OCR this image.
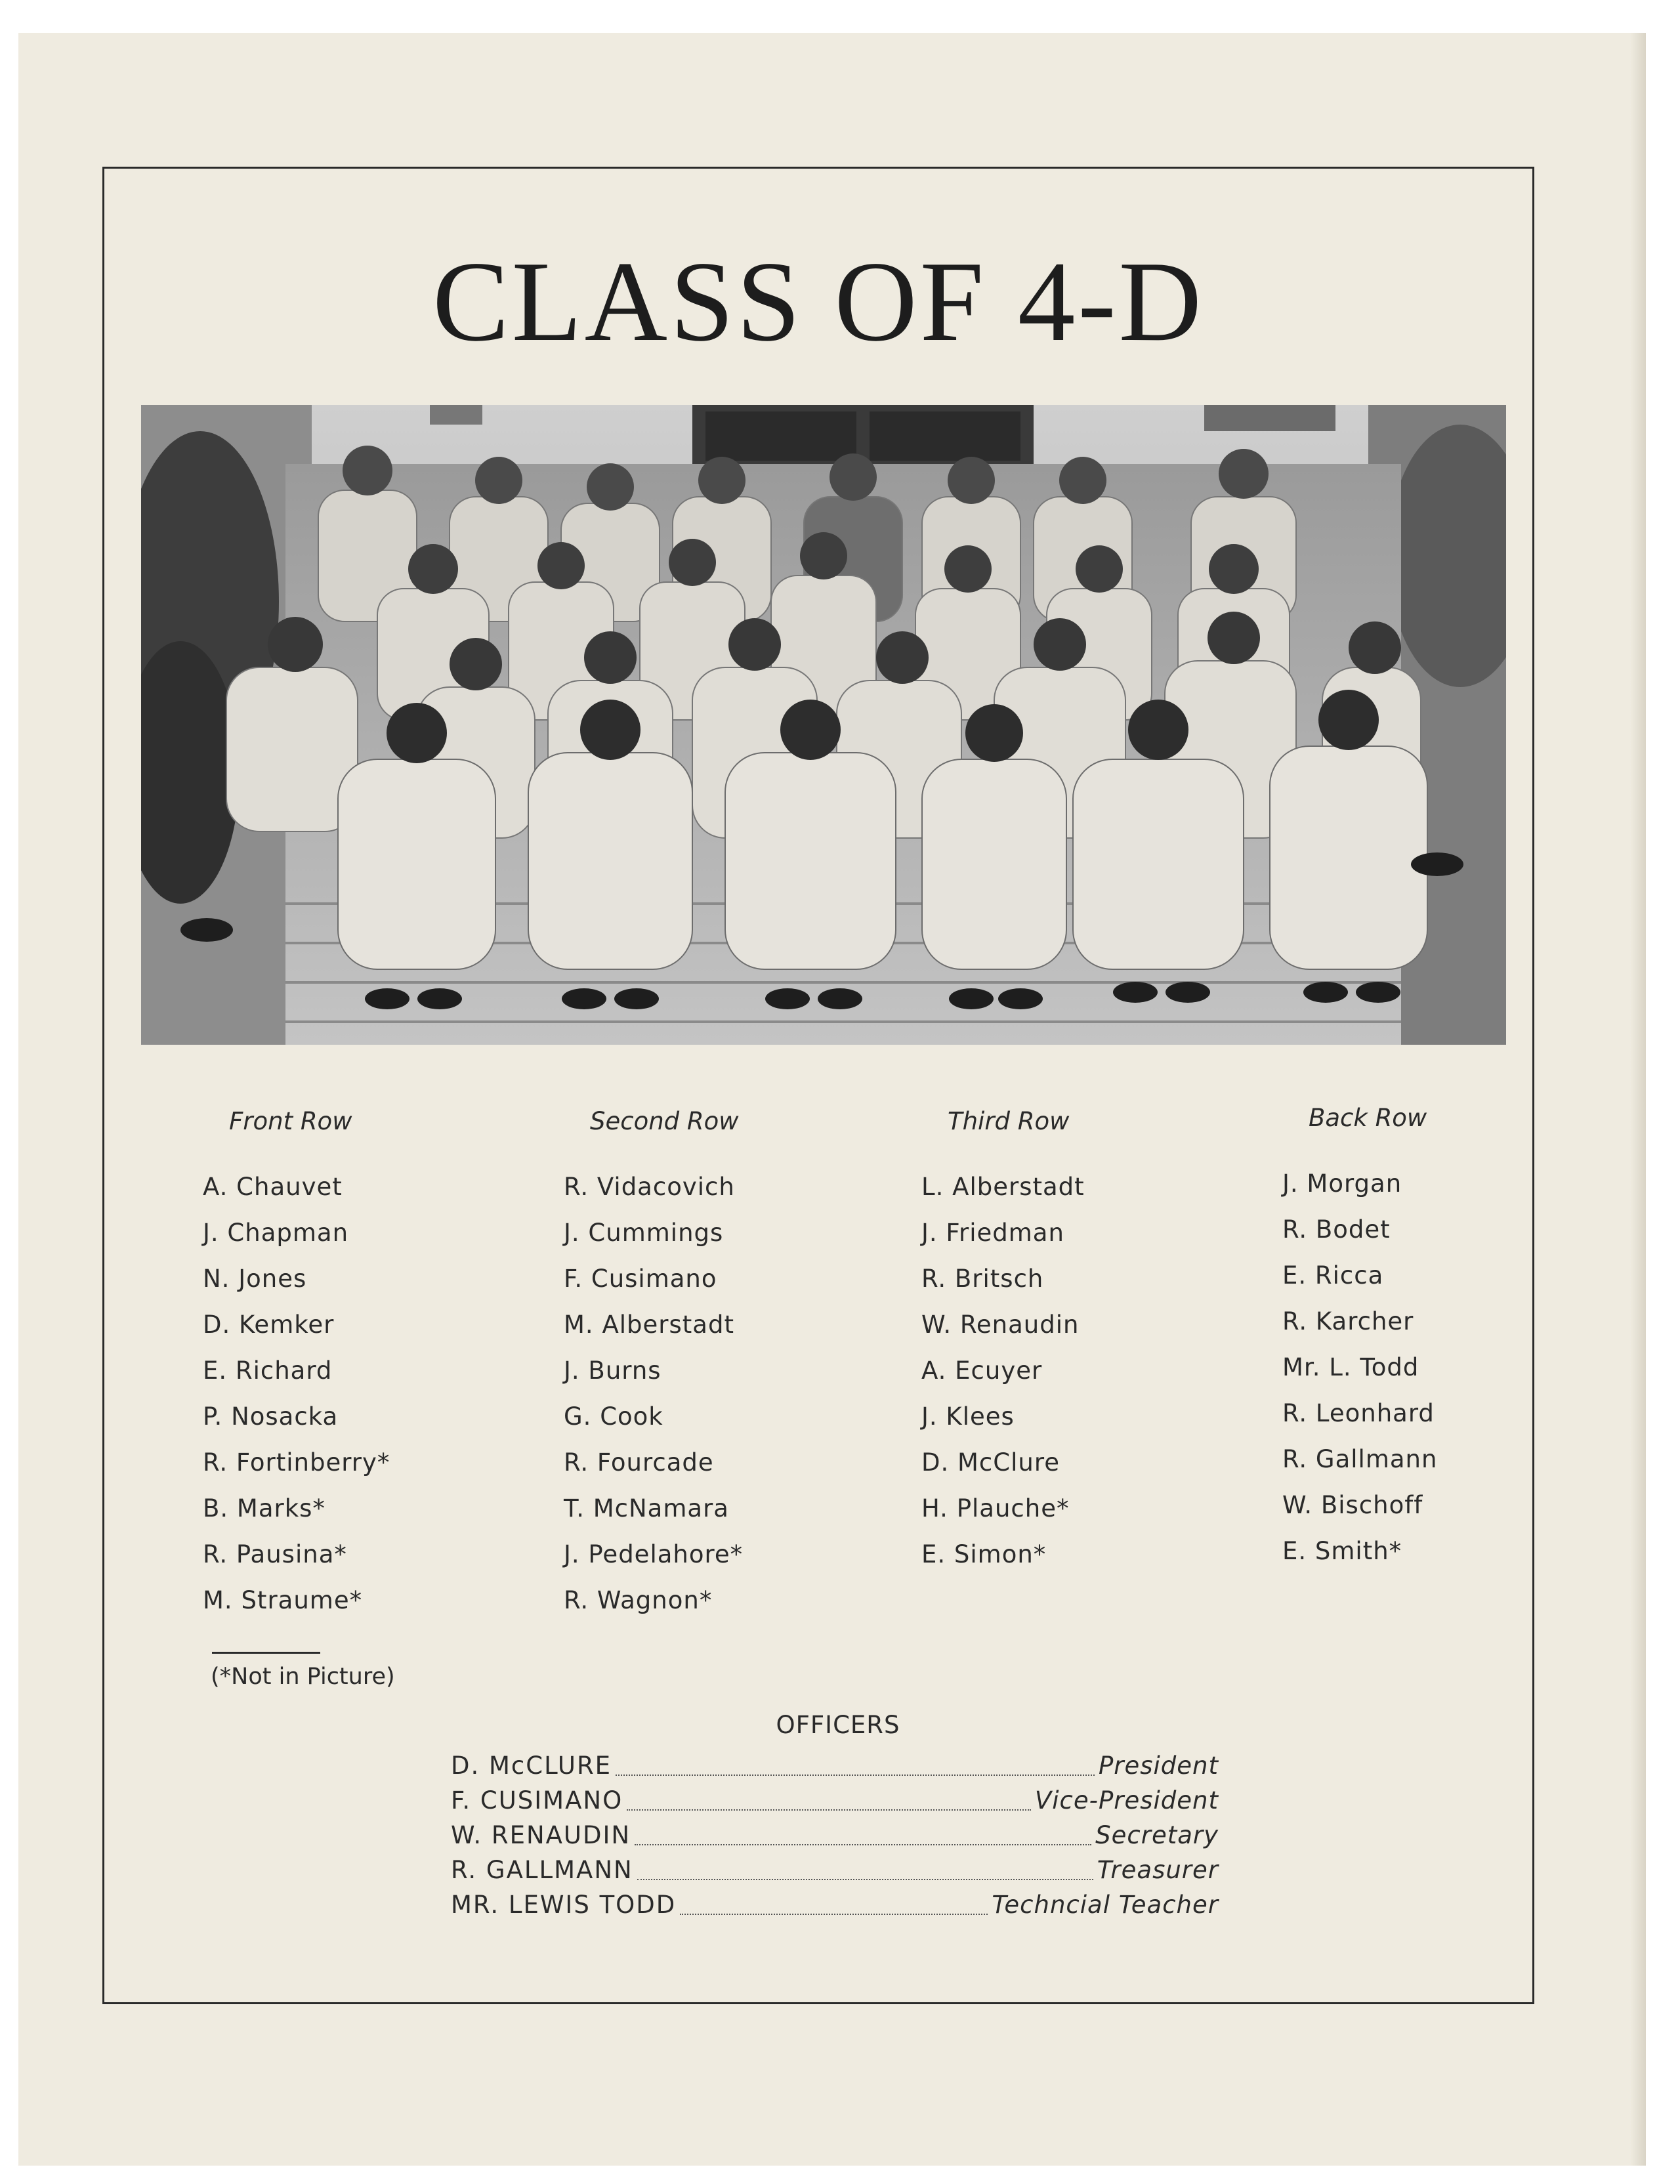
CLASS OF 4-D
Front Row
A. Chauvet
J. Chapman
N. Jones
D. Kemker
E. Richard
P. Nosacka
R. Fortinberry*
B. Marks*
R. Pausina*
M. Straume*
Second Row
R. Vidacovich
J. Cummings
F. Cusimano
M. Alberstadt
J. Burns
G. Cook
R. Fourcade
T. McNamara
J. Pedelahore*
R. Wagnon*
Third Row
L. Alberstadt
J. Friedman
R. Britsch
W. Renaudin
A. Ecuyer
J. Klees
D. McClure
H. Plauche*
E. Simon*
Back Row
J. Morgan
R. Bodet
E. Ricca
R. Karcher
Mr. L. Todd
R. Leonhard
R. Gallmann
W. Bischoff
E. Smith*
(*Not in Picture)
OFFICERS
D. McCLURE	President
F. CUSIMANO	Vice-President
W. RENAUDIN	Secretary
R. GALLMANN	Treasurer
MR. LEWIS TODD	Techncial Teacher
